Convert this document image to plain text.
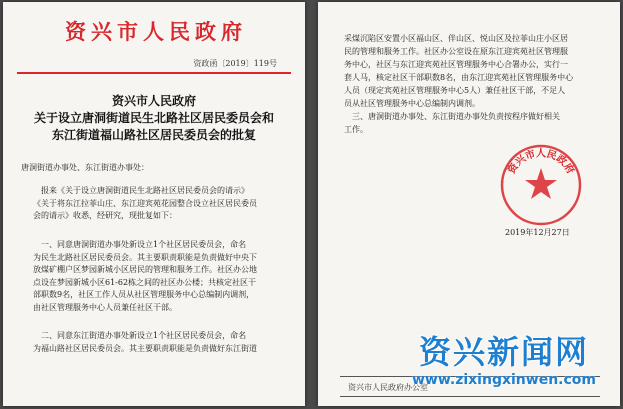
资兴市人民政府
资政函〔2019〕119号
资兴市人民政府
关于设立唐洞街道民生北路社区居民委员会和
东江街道福山路社区居民委员会的批复

唐洞街道办事处、东江街道办事处：

报来《关于设立唐洞街道民生北路社区居民委员会的请示》

《关于将东江拉菲山庄、东江迎宾苑花园整合设立社区居民委员

会的请示》收悉，经研究，现批复如下：

一、同意唐洞街道办事处新设立1个社区居民委员会，命名

为民生北路社区居民委员会。其主要职责职能是负责做好中央下

放煤矿棚户区梦园新城小区居民的管理和服务工作。社区办公地

点设在梦园新城小区61-62栋之间的社区办公楼；共核定社区干

部职数9名，社区工作人员从社区管理服务中心总编制内调剂，

由社区管理服务中心人员兼任社区干部。

二、同意东江街道办事处新设立1个社区居民委员会，命名

为福山路社区居民委员会。其主要职责职能是负责做好东江街道

采煤沉陷区安置小区福山区、伴山区、悦山区及拉菲山庄小区居

民的管理和服务工作。社区办公室设在原东江迎宾苑社区管理服

务中心，社区与东江迎宾苑社区管理服务中心合署办公，实行一

套人马，核定社区干部职数8名，由东江迎宾苑社区管理服务中心

人员（现定宾苑社区管理服务中心5人）兼任社区干部，不足人

员从社区管理服务中心总编制内调剂。

三、唐洞街道办事处、东江街道办事处负责按程序做好相关

工作。

资兴市人民政府
2019年12月27日
资兴市人民政府办公室
资兴新闻网
www.zixingxinwen.com
